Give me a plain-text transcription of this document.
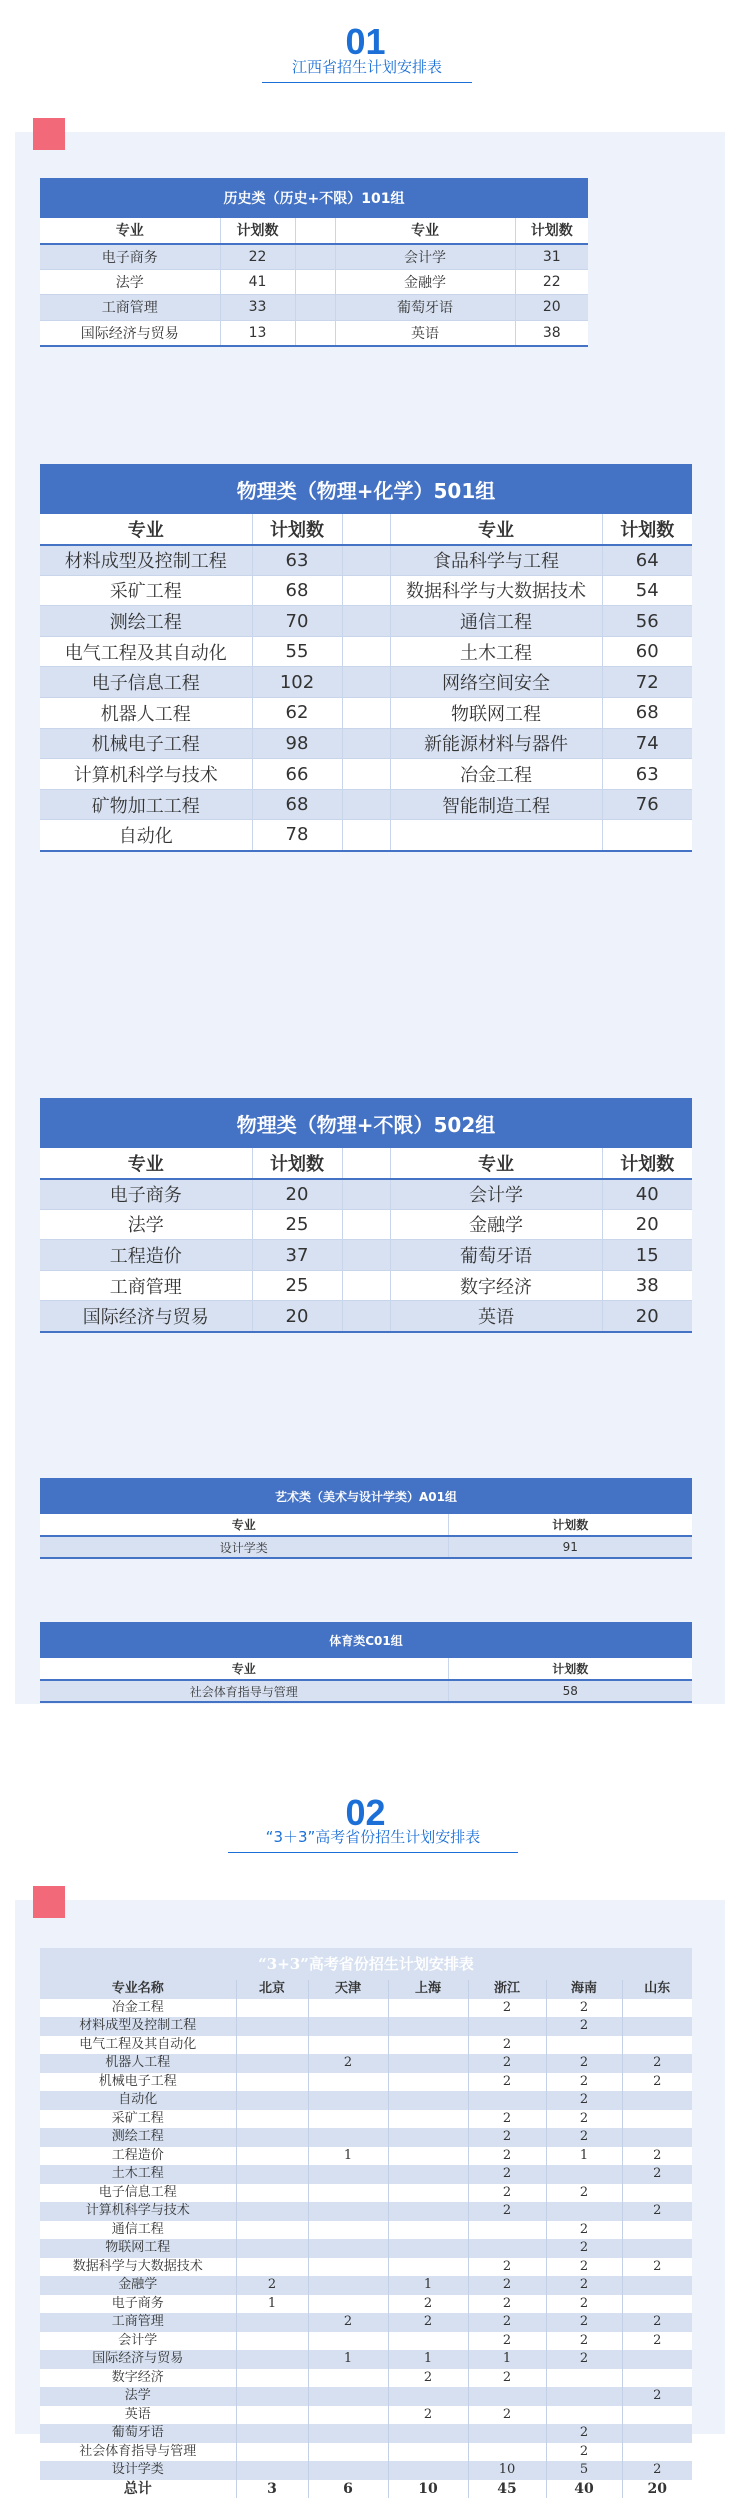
01
江西省招生计划安排表
历史类（历史+不限）101组				
专业	计划数		专业	计划数
电子商务	22		会计学	31
法学	41		金融学	22
工商管理	33		葡萄牙语	20
国际经济与贸易	13		英语	38
物理类（物理+化学）501组				
专业	计划数		专业	计划数
材料成型及控制工程	63		食品科学与工程	64
采矿工程	68		数据科学与大数据技术	54
测绘工程	70		通信工程	56
电气工程及其自动化	55		土木工程	60
电子信息工程	102		网络空间安全	72
机器人工程	62		物联网工程	68
机械电子工程	98		新能源材料与器件	74
计算机科学与技术	66		冶金工程	63
矿物加工工程	68		智能制造工程	76
自动化	78			
物理类（物理+不限）502组				
专业	计划数		专业	计划数
电子商务	20		会计学	40
法学	25		金融学	20
工程造价	37		葡萄牙语	15
工商管理	25		数字经济	38
国际经济与贸易	20		英语	20
艺术类（美术与设计学类）A01组	
专业	计划数
设计学类	91
体育类C01组	
专业	计划数
社会体育指导与管理	58
02
“3＋3”高考省份招生计划安排表
“3+3”高考省份招生计划安排表						
专业名称	北京	天津	上海	浙江	海南	山东
冶金工程				2	2	
材料成型及控制工程					2	
电气工程及其自动化				2		
机器人工程		2		2	2	2
机械电子工程				2	2	2
自动化					2	
采矿工程				2	2	
测绘工程				2	2	
工程造价		1		2	1	2
土木工程				2		2
电子信息工程				2	2	
计算机科学与技术				2		2
通信工程					2	
物联网工程					2	
数据科学与大数据技术				2	2	2
金融学	2		1	2	2	
电子商务	1		2	2	2	
工商管理		2	2	2	2	2
会计学				2	2	2
国际经济与贸易		1	1	1	2	
数字经济			2	2		
法学						2
英语			2	2		
葡萄牙语					2	
社会体育指导与管理					2	
设计学类				10	5	2
总计	3	6	10	45	40	20
